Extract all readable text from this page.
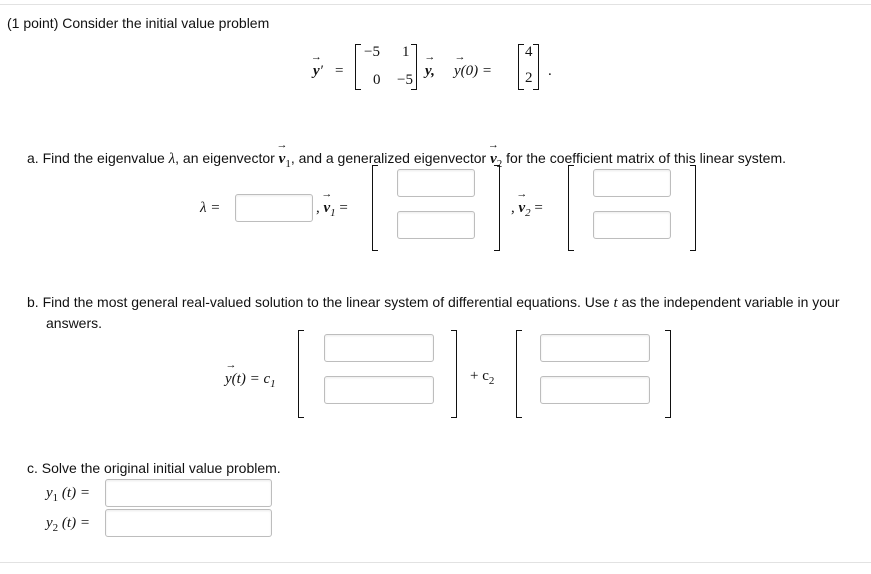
(1 point) Consider the initial value problem
→
y′ =
−5 1
0 −5
→
y,
→
y(0) =
4
2 .
a. Find the eigenvalue λ, an eigenvector
→
$v_1$, and a generalized eigenvector
→
$v_2$ for the coefficient matrix of this linear system.
λ =	,
→
$v_1$ =	,
→
$v_2$ =
b. Find the most general real-valued solution to the linear system of differential equations. Use t as the independent variable in your
answers.
→
$y(t) = c_1$	+ $c_2$
c. Solve the original initial value problem.
$y_1$ (t) =
$y_2$ (t) =
